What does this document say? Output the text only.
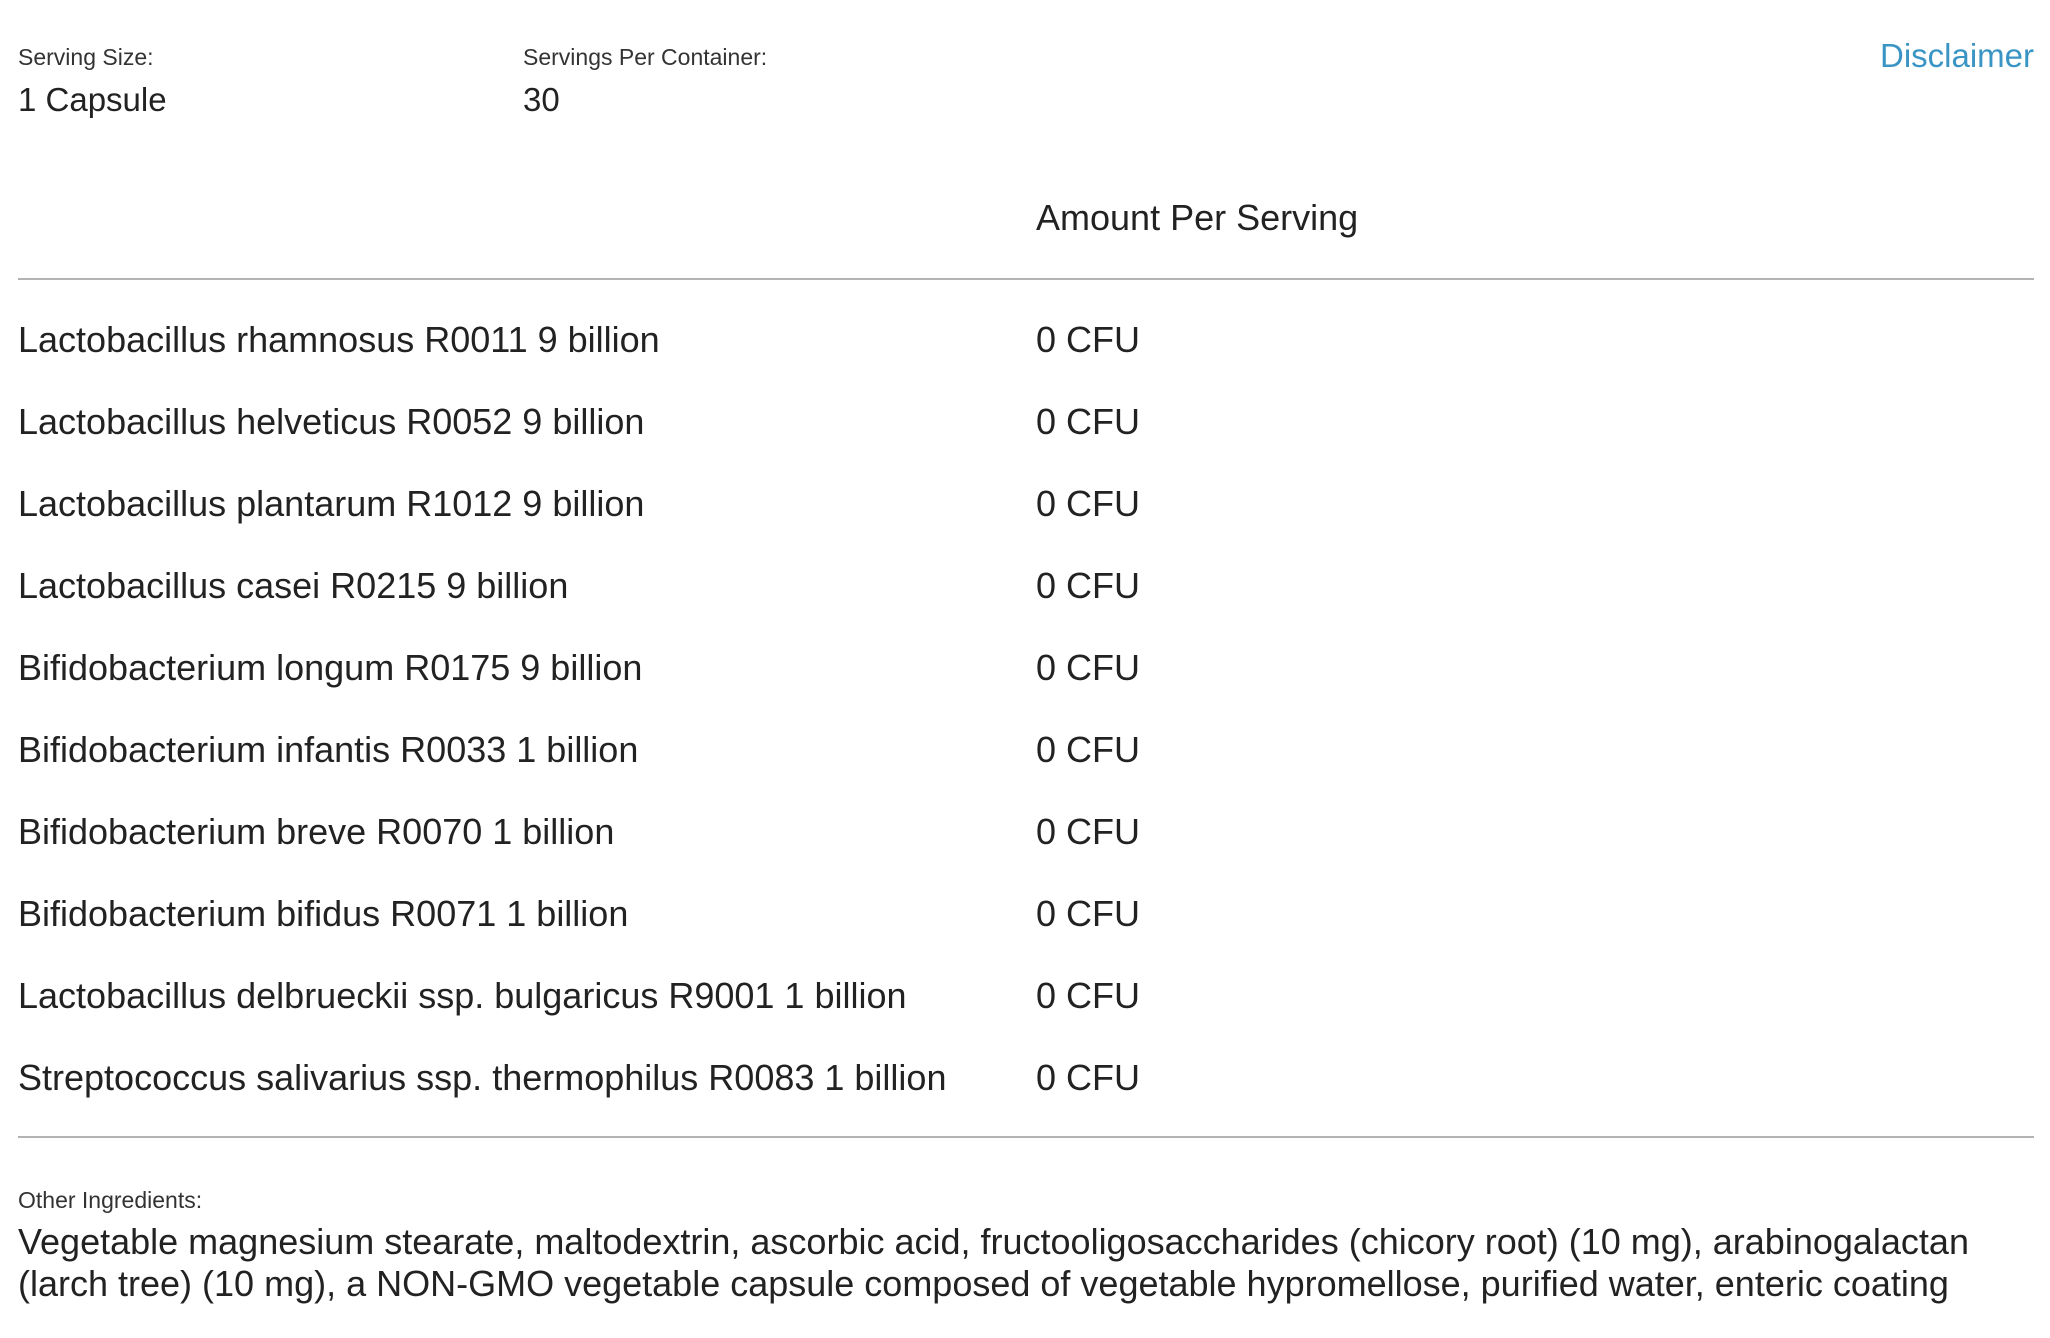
Serving Size:
1 Capsule
Servings Per Container:
30
Disclaimer
Amount Per Serving
Lactobacillus rhamnosus R0011 9 billion	0 CFU
Lactobacillus helveticus R0052 9 billion	0 CFU
Lactobacillus plantarum R1012 9 billion	0 CFU
Lactobacillus casei R0215 9 billion	0 CFU
Bifidobacterium longum R0175 9 billion	0 CFU
Bifidobacterium infantis R0033 1 billion	0 CFU
Bifidobacterium breve R0070 1 billion	0 CFU
Bifidobacterium bifidus R0071 1 billion	0 CFU
Lactobacillus delbrueckii ssp. bulgaricus R9001 1 billion	0 CFU
Streptococcus salivarius ssp. thermophilus R0083 1 billion 0 CFU
Other Ingredients:
Vegetable magnesium stearate, maltodextrin, ascorbic acid, fructooligosaccharides (chicory root) (10 mg), arabinogalactan (larch tree) (10 mg), a NON-GMO vegetable capsule composed of vegetable hypromellose, purified water, enteric coating
